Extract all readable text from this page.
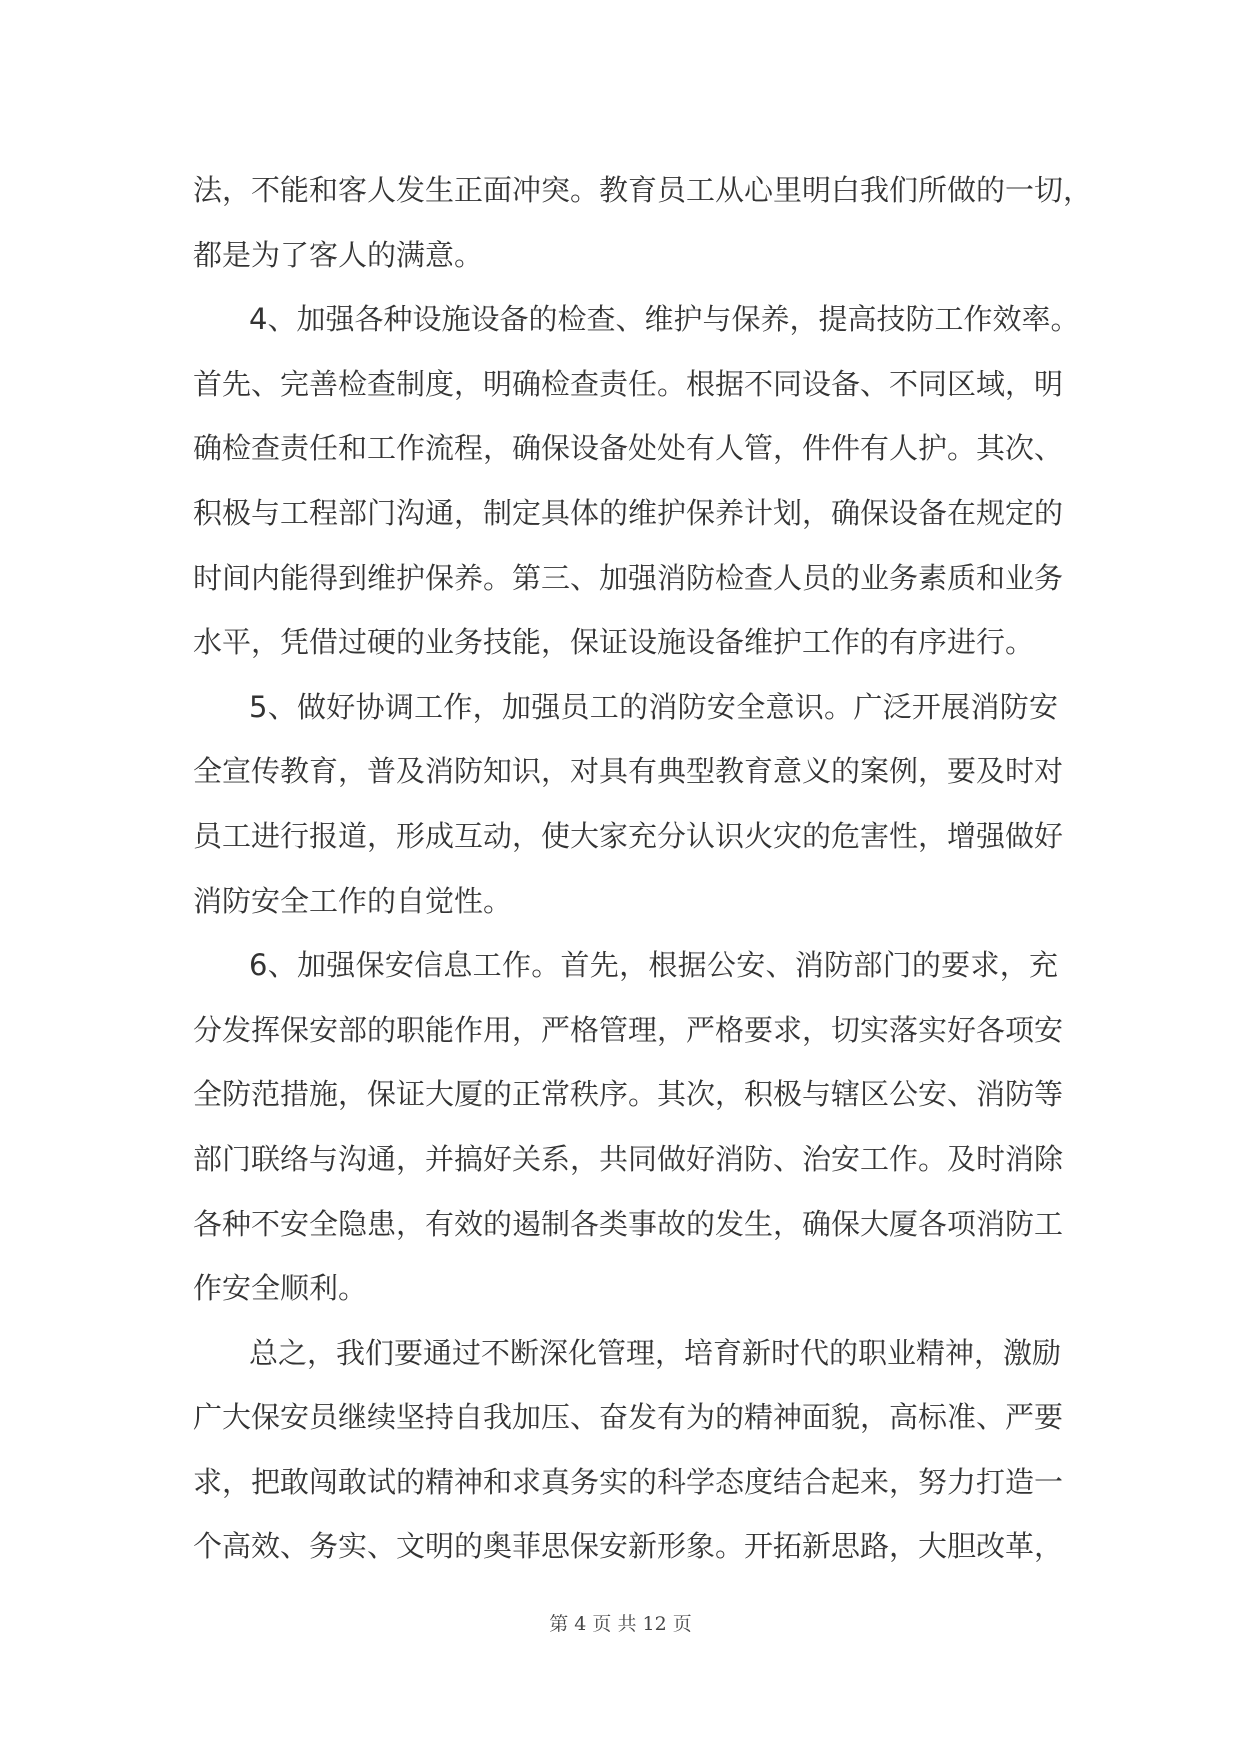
法，不能和客人发生正面冲突。教育员工从心里明白我们所做的一切，
都是为了客人的满意。
4、加强各种设施设备的检查、维护与保养，提高技防工作效率。
首先、完善检查制度，明确检查责任。根据不同设备、不同区域，明
确检查责任和工作流程，确保设备处处有人管，件件有人护。其次、
积极与工程部门沟通，制定具体的维护保养计划，确保设备在规定的
时间内能得到维护保养。第三、加强消防检查人员的业务素质和业务
水平，凭借过硬的业务技能，保证设施设备维护工作的有序进行。
5、做好协调工作，加强员工的消防安全意识。广泛开展消防安
全宣传教育，普及消防知识，对具有典型教育意义的案例，要及时对
员工进行报道，形成互动，使大家充分认识火灾的危害性，增强做好
消防安全工作的自觉性。
6、加强保安信息工作。首先，根据公安、消防部门的要求，充
分发挥保安部的职能作用，严格管理，严格要求，切实落实好各项安
全防范措施，保证大厦的正常秩序。其次，积极与辖区公安、消防等
部门联络与沟通，并搞好关系，共同做好消防、治安工作。及时消除
各种不安全隐患，有效的遏制各类事故的发生，确保大厦各项消防工
作安全顺利。
总之，我们要通过不断深化管理，培育新时代的职业精神，激励
广大保安员继续坚持自我加压、奋发有为的精神面貌，高标准、严要
求，把敢闯敢试的精神和求真务实的科学态度结合起来，努力打造一
个高效、务实、文明的奥菲思保安新形象。开拓新思路，大胆改革，
第 4 页 共 12 页
